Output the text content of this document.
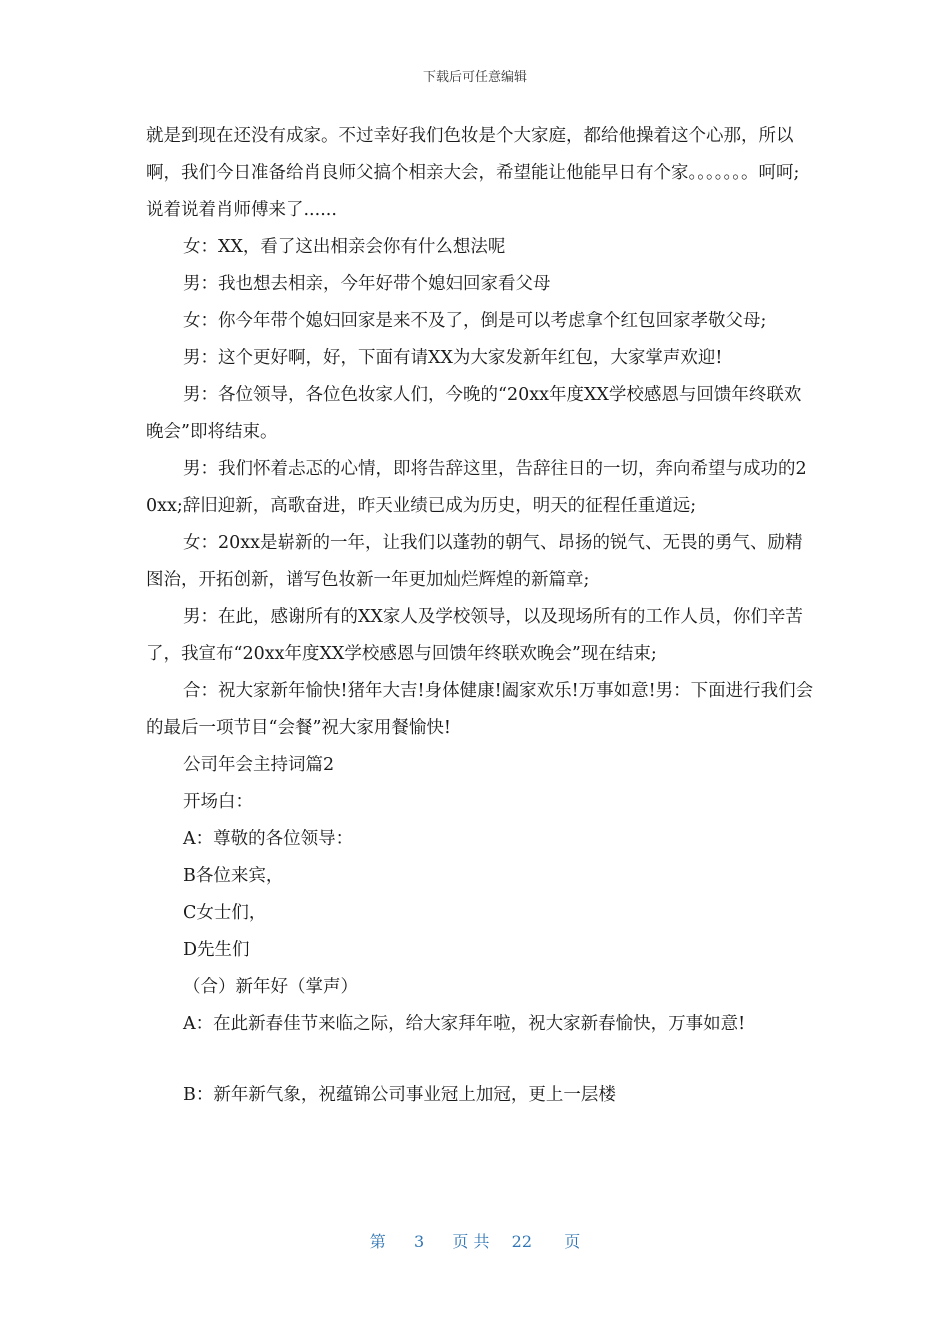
下载后可任意编辑

就是到现在还没有成家。不过幸好我们色妆是个大家庭，都给他操着这个心那，所以啊，我们今日准备给肖良师父搞个相亲大会，希望能让他能早日有个家。。。。。。。呵呵;说着说着肖师傅来了......

女：XX，看了这出相亲会你有什么想法呢

男：我也想去相亲，今年好带个媳妇回家看父母

女：你今年带个媳妇回家是来不及了，倒是可以考虑拿个红包回家孝敬父母;

男：这个更好啊，好，下面有请XX为大家发新年红包，大家掌声欢迎!

男：各位领导，各位色妆家人们，今晚的“20xx年度XX学校感恩与回馈年终联欢晚会”即将结束。

男：我们怀着忐忑的心情，即将告辞这里，告辞往日的一切，奔向希望与成功的20xx;辞旧迎新，高歌奋进，昨天业绩已成为历史，明天的征程任重道远;

女：20xx是崭新的一年，让我们以蓬勃的朝气、昂扬的锐气、无畏的勇气、励精图治，开拓创新，谱写色妆新一年更加灿烂辉煌的新篇章;

男：在此，感谢所有的XX家人及学校领导，以及现场所有的工作人员，你们辛苦了，我宣布“20xx年度XX学校感恩与回馈年终联欢晚会”现在结束;

合：祝大家新年愉快!猪年大吉!身体健康!阖家欢乐!万事如意!男：下面进行我们会的最后一项节目“会餐”祝大家用餐愉快!

公司年会主持词篇2

开场白：

A：尊敬的各位领导：

B各位来宾，

C女士们，

D先生们

（合）新年好（掌声）

A：在此新春佳节来临之际，给大家拜年啦，祝大家新春愉快，万事如意!

B：新年新气象，祝蕴锦公司事业冠上加冠，更上一层楼

第 3 页 共 22 页
